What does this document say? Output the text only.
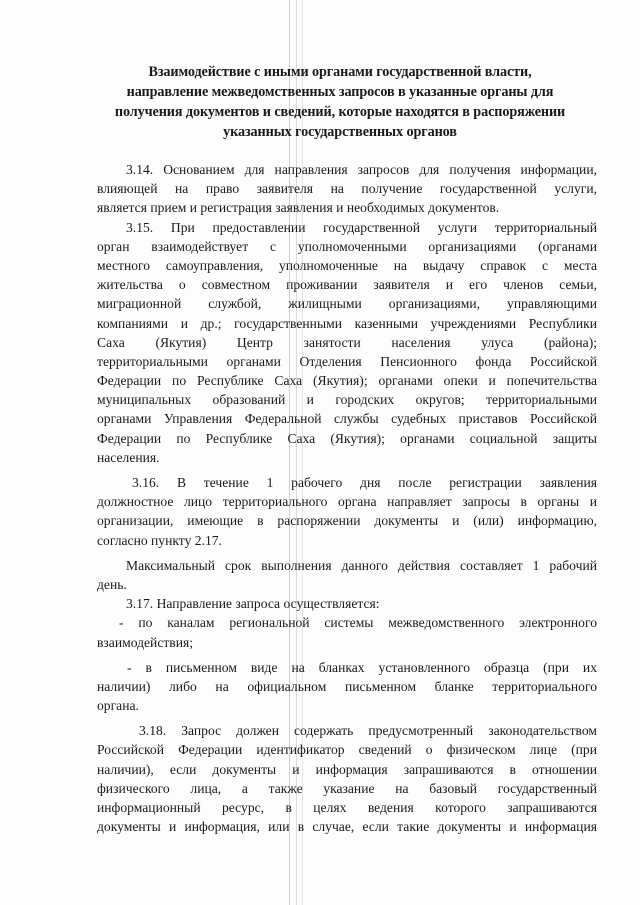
Взаимодействие с иными органами государственной власти,
направление межведомственных запросов в указанные органы для
получения документов и сведений, которые находятся в распоряжении
указанных государственных органов
3.14. Основанием для направления запросов для получения информации,
влияющей на право заявителя на получение государственной услуги,
является прием и регистрация заявления и необходимых документов.
3.15. При предоставлении государственной услуги территориальный
орган взаимодействует с уполномоченными организациями (органами
местного самоуправления, уполномоченные на выдачу справок с места
жительства о совместном проживании заявителя и его членов семьи,
миграционной службой, жилищными организациями, управляющими
компаниями и др.; государственными казенными учреждениями Республики
Саха (Якутия) Центр занятости населения улуса (района);
территориальными органами Отделения Пенсионного фонда Российской
Федерации по Республике Саха (Якутия); органами опеки и попечительства
муниципальных образований и городских округов; территориальными
органами Управления Федеральной службы судебных приставов Российской
Федерации по Республике Саха (Якутия); органами социальной защиты
населения.
3.16. В течение 1 рабочего дня после регистрации заявления
должностное лицо территориального органа направляет запросы в органы и
организации, имеющие в распоряжении документы и (или) информацию,
согласно пункту 2.17.
Максимальный срок выполнения данного действия составляет 1 рабочий
день.
3.17. Направление запроса осуществляется:
- по каналам региональной системы межведомственного электронного
взаимодействия;
- в письменном виде на бланках установленного образца (при их
наличии) либо на официальном письменном бланке территориального
органа.
3.18. Запрос должен содержать предусмотренный законодательством
Российской Федерации идентификатор сведений о физическом лице (при
наличии), если документы и информация запрашиваются в отношении
физического лица, а также указание на базовый государственный
информационный ресурс, в целях ведения которого запрашиваются
документы и информация, или в случае, если такие документы и информация
